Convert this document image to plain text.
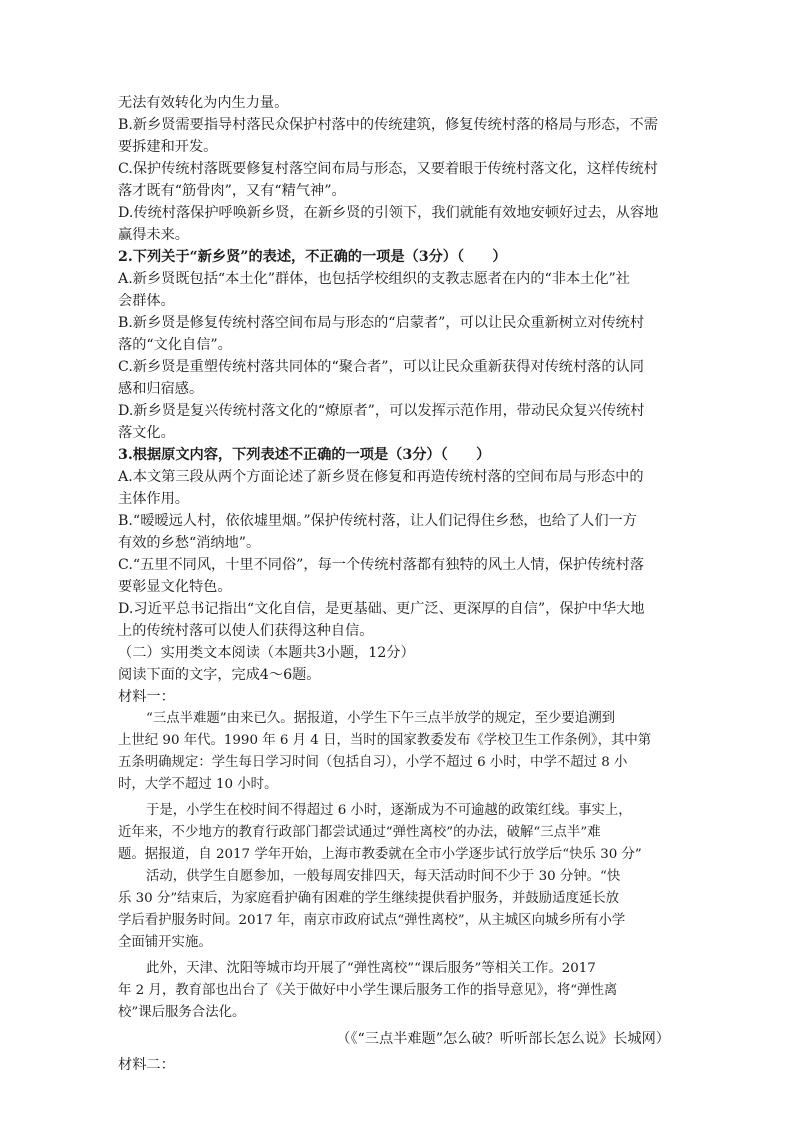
无法有效转化为内生力量。
B.新乡贤需要指导村落民众保护村落中的传统建筑，修复传统村落的格局与形态，不需
要拆建和开发。
C.保护传统村落既要修复村落空间布局与形态，又要着眼于传统村落文化，这样传统村
落才既有“筋骨肉”，又有“精气神”。
D.传统村落保护呼唤新乡贤，在新乡贤的引领下，我们就能有效地安顿好过去，从容地
赢得未来。
2.下列关于“新乡贤”的表述，不正确的一项是（3分）（　　）
A.新乡贤既包括“本土化”群体，也包括学校组织的支教志愿者在内的“非本土化”社
会群体。
B.新乡贤是修复传统村落空间布局与形态的“启蒙者”，可以让民众重新树立对传统村
落的“文化自信”。
C.新乡贤是重塑传统村落共同体的“聚合者”，可以让民众重新获得对传统村落的认同
感和归宿感。
D.新乡贤是复兴传统村落文化的“燎原者”，可以发挥示范作用，带动民众复兴传统村
落文化。
3.根据原文内容，下列表述不正确的一项是（3分）（　　）
A.本文第三段从两个方面论述了新乡贤在修复和再造传统村落的空间布局与形态中的
主体作用。
B.“暧暧远人村，依依墟里烟。”保护传统村落，让人们记得住乡愁，也给了人们一方
有效的乡愁“消纳地”。
C.“五里不同风，十里不同俗”，每一个传统村落都有独特的风土人情，保护传统村落
要彰显文化特色。
D.习近平总书记指出“文化自信，是更基础、更广泛、更深厚的自信”，保护中华大地
上的传统村落可以使人们获得这种自信。
（二）实用类文本阅读（本题共3小题，12分）
阅读下面的文字，完成4～6题。
材料一：
“三点半难题”由来已久。据报道，小学生下午三点半放学的规定，至少要追溯到
上世纪 90 年代。1990 年 6 月 4 日，当时的国家教委发布《学校卫生工作条例》，其中第
五条明确规定：学生每日学习时间（包括自习），小学不超过 6 小时，中学不超过 8 小
时，大学不超过 10 小时。
于是，小学生在校时间不得超过 6 小时，逐渐成为不可逾越的政策红线。事实上，
近年来，不少地方的教育行政部门都尝试通过“弹性离校”的办法，破解“三点半”难
题。据报道，自 2017 学年开始，上海市教委就在全市小学逐步试行放学后“快乐 30 分”
活动，供学生自愿参加，一般每周安排四天，每天活动时间不少于 30 分钟。“快
乐 30 分”结束后，为家庭看护确有困难的学生继续提供看护服务，并鼓励适度延长放
学后看护服务时间。2017 年，南京市政府试点“弹性离校”，从主城区向城乡所有小学
全面铺开实施。
此外，天津、沈阳等城市均开展了“弹性离校”“课后服务”等相关工作。2017
年 2 月，教育部也出台了《关于做好中小学生课后服务工作的指导意见》，将“弹性离
校”课后服务合法化。
（《“三点半难题”怎么破？听听部长怎么说》长城网）
材料二：
